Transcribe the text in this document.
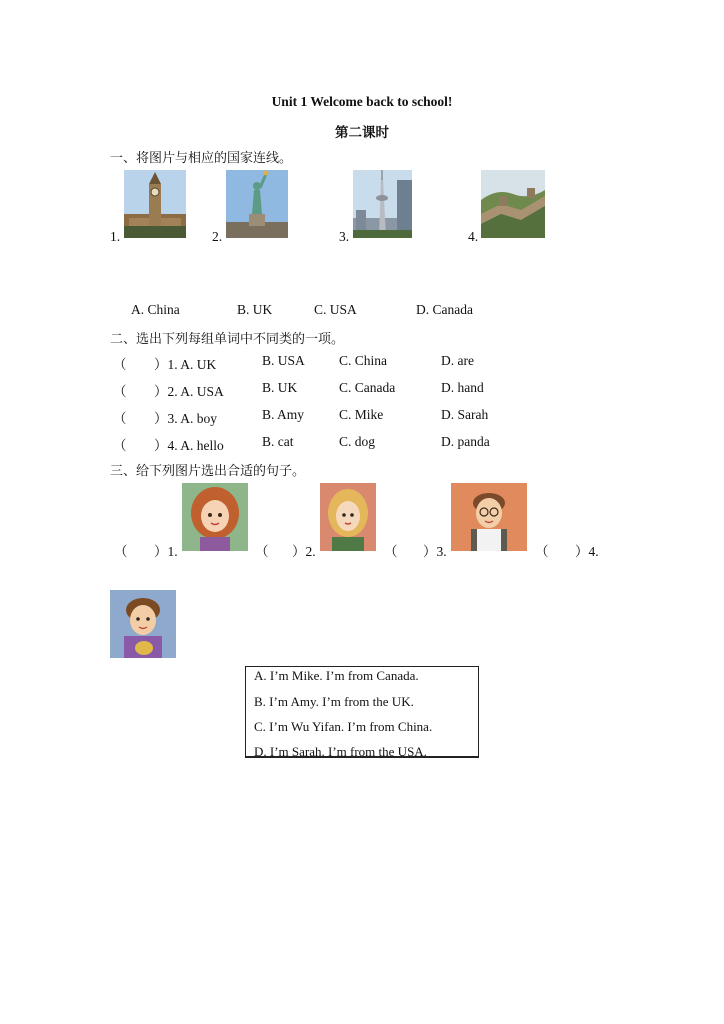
Unit 1 Welcome back to school!
第二课时
一、将图片与相应的国家连线。
1.	2.	3.	4.
A. China	B. UK	C. USA	D. Canada
二、选出下列每组单词中不同类的一项。
（ ）1. A. UK	B. USA	C. China	D. are
（ ）2. A. USA	B. UK	C. Canada	D. hand
（ ）3. A. boy	B. Amy	C. Mike	D. Sarah
（ ）4. A. hello	B. cat	C. dog	D. panda
三、给下列图片选出合适的句子。
（ ）1.	（ ）2.	（ ）3.	（ ）4.
A. I’m Mike. I’m from Canada.
B. I’m Amy. I’m from the UK.
C. I’m Wu Yifan. I’m from China.
D. I’m Sarah. I’m from the USA.
